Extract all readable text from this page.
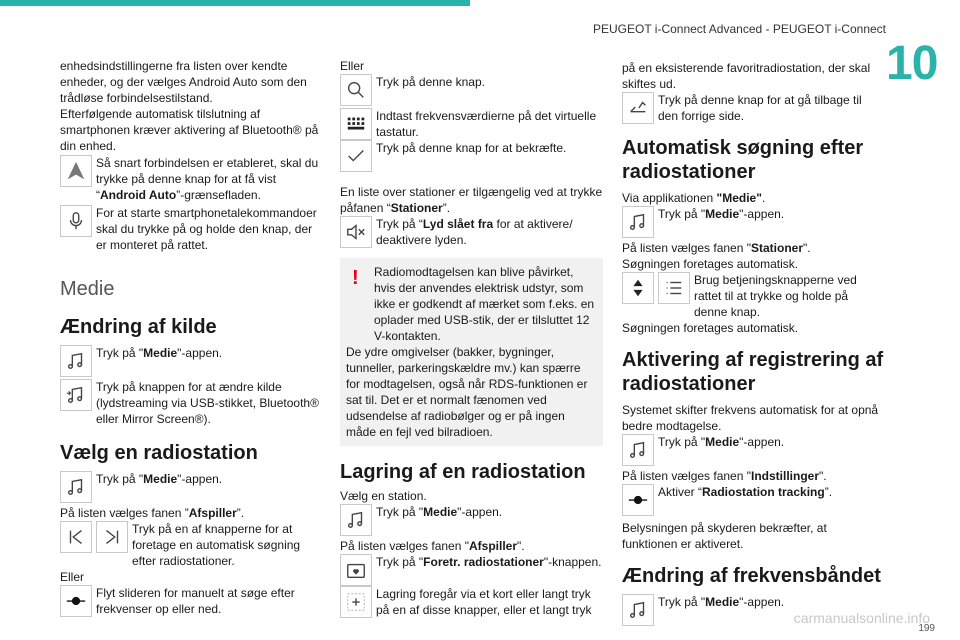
PEUGEOT i-Connect Advanced - PEUGEOT i-Connect
10

enhedsindstillingerne fra listen over kendte enheder, og der vælges Android Auto som den trådløse forbindelsestilstand.

Efterfølgende automatisk tilslutning af smartphonen kræver aktivering af Bluetooth® på din enhed.

Så snart forbindelsen er etableret, skal du trykke på denne knap for at få vist “Android Auto”-grænsefladen.
For at starte smartphonetalekommandoer skal du trykke på og holde den knap, der er monteret på rattet.
Medie
Ændring af kilde
Tryk på "Medie"-appen.
Tryk på knappen for at ændre kilde (lydstreaming via USB-stikket, Bluetooth® eller Mirror Screen®).
Vælg en radiostation
Tryk på "Medie"-appen.

På listen vælges fanen ”Afspiller”.

Tryk på en af knapperne for at foretage en automatisk søgning efter radiostationer.

Eller

Flyt slideren for manuelt at søge efter frekvenser op eller ned.

Eller

Tryk på denne knap.
Indtast frekvensværdierne på det virtuelle tastatur.
Tryk på denne knap for at bekræfte.

En liste over stationer er tilgængelig ved at trykke påfanen “Stationer”.

Tryk på “Lyd slået fra for at aktivere/ deaktivere lyden.
!	Radiomodtagelsen kan blive påvirket, hvis der anvendes elektrisk udstyr, som ikke er godkendt af mærket som f.eks. en oplader med USB-stik, der er tilsluttet 12 V-kontakten.

De ydre omgivelser (bakker, bygninger, tunneller, parkeringskældre mv.) kan spærre for modtagelsen, også når RDS-funktionen er sat til. Det er et normalt fænomen ved udsendelse af radiobølger og er på ingen måde en fejl ved bilradioen.

Lagring af en radiostation

Vælg en station.

Tryk på "Medie"-appen.

På listen vælges fanen "Afspiller".

Tryk på "Foretr. radiostationer"-knappen.
Lagring foregår via et kort eller langt tryk på en af disse knapper, eller et langt tryk

på en eksisterende favoritradiostation, der skal skiftes ud.

Tryk på denne knap for at gå tilbage til den forrige side.
Automatisk søgning efter radiostationer

Via applikationen "Medie".

Tryk på "Medie"-appen.

På listen vælges fanen "Stationer".

Søgningen foretages automatisk.

Brug betjeningsknapperne ved rattet til at trykke og holde på denne knap.

Søgningen foretages automatisk.

Aktivering af registrering af radiostationer

Systemet skifter frekvens automatisk for at opnå bedre modtagelse.

Tryk på "Medie"-appen.

På listen vælges fanen "Indstillinger".

Aktiver “Radiostation tracking”.

Belysningen på skyderen bekræfter, at funktionen er aktiveret.

Ændring af frekvensbåndet
Tryk på "Medie"-appen.
carmanualsonline.info
199
